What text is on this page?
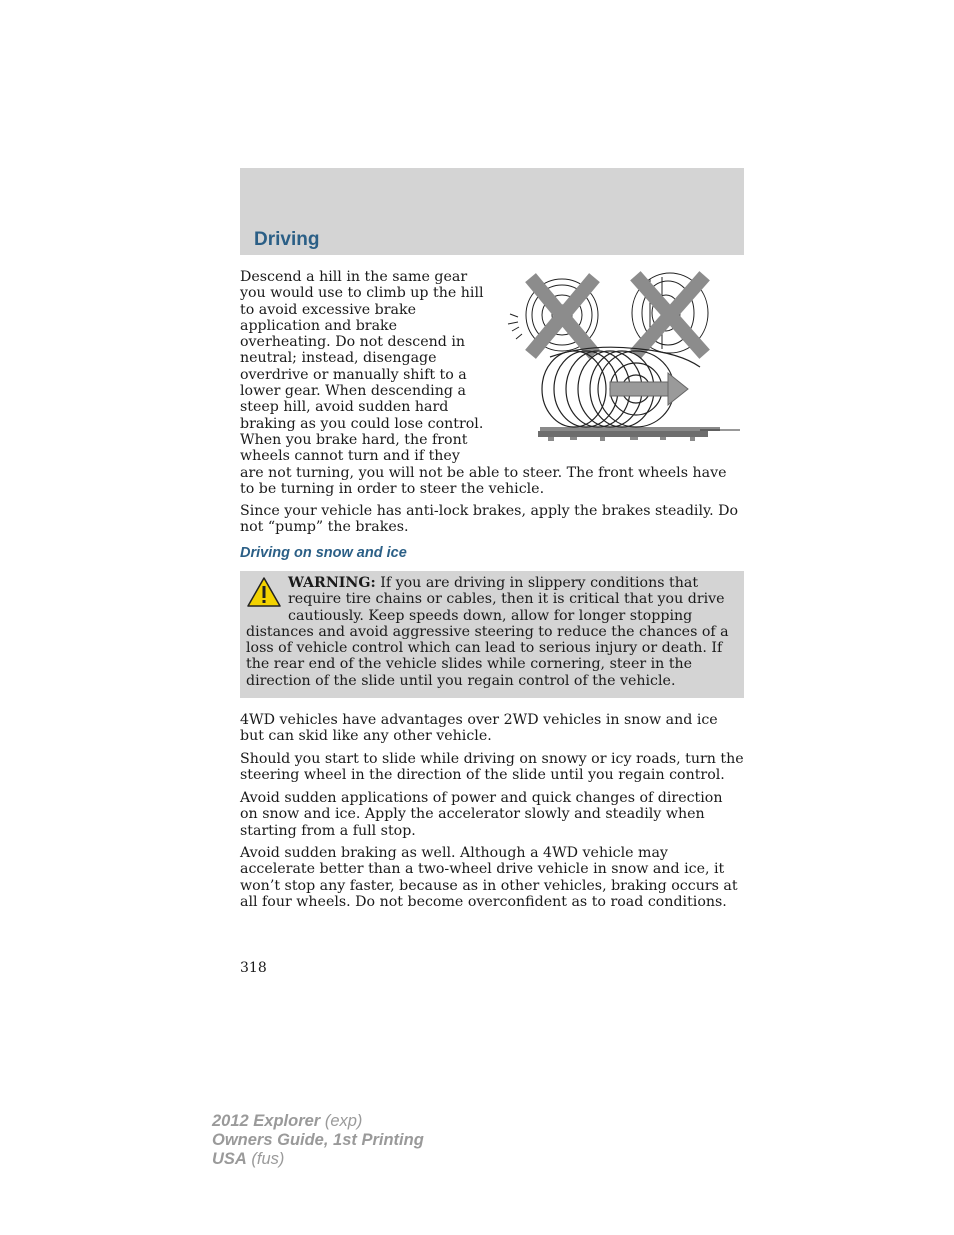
Driving
Descend a hill in the same gear you would use to climb up the hill to avoid excessive brake application and brake overheating. Do not descend in neutral; instead, disengage overdrive or manually shift to a lower gear. When descending a steep hill, avoid sudden hard braking as you could lose control. When you brake hard, the front wheels cannot turn and if they are not turning, you will not be able to steer. The front wheels have to be turning in order to steer the vehicle.

Since your vehicle has anti-lock brakes, apply the brakes steadily. Do not “pump” the brakes.

Driving on snow and ice
WARNING: If you are driving in slippery conditions that require tire chains or cables, then it is critical that you drive cautiously. Keep speeds down, allow for longer stopping distances and avoid aggressive steering to reduce the chances of a loss of vehicle control which can lead to serious injury or death. If the rear end of the vehicle slides while cornering, steer in the direction of the slide until you regain control of the vehicle.

4WD vehicles have advantages over 2WD vehicles in snow and ice but can skid like any other vehicle.

Should you start to slide while driving on snowy or icy roads, turn the steering wheel in the direction of the slide until you regain control.

Avoid sudden applications of power and quick changes of direction on snow and ice. Apply the accelerator slowly and steadily when starting from a full stop.

Avoid sudden braking as well. Although a 4WD vehicle may accelerate better than a two-wheel drive vehicle in snow and ice, it won’t stop any faster, because as in other vehicles, braking occurs at all four wheels. Do not become overconfident as to road conditions.

318
2012 Explorer (exp)
Owners Guide, 1st Printing
USA (fus)
